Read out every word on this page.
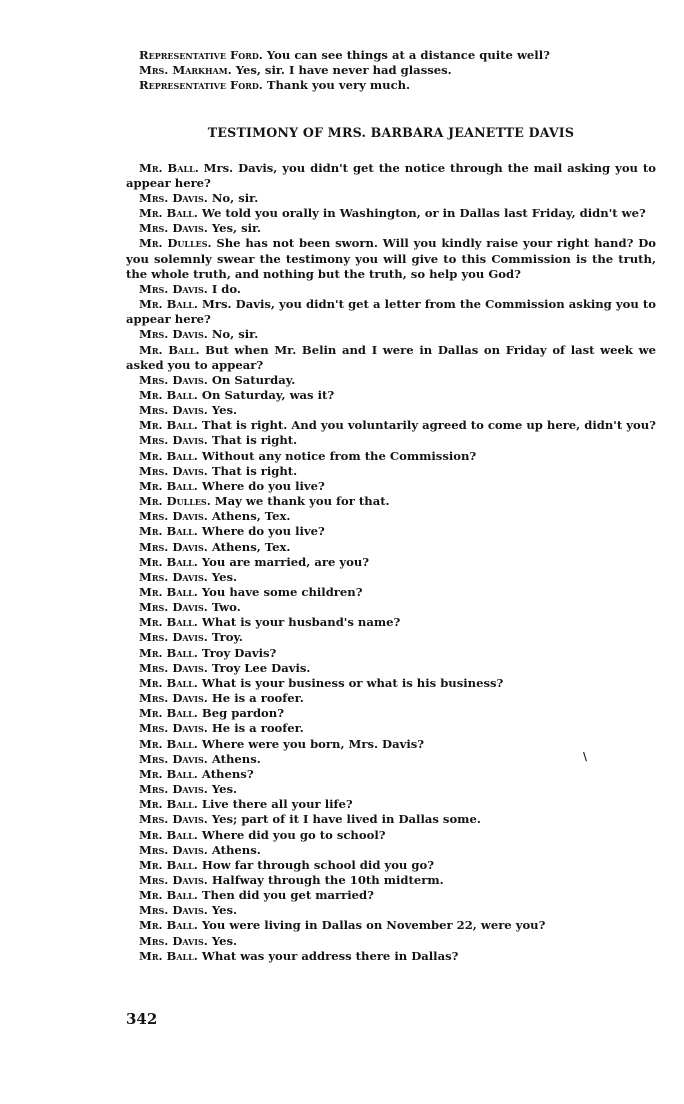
Representative Ford. You can see things at a distance quite well?

Mrs. Markham. Yes, sir. I have never had glasses.

Representative Ford. Thank you very much.

TESTIMONY OF MRS. BARBARA JEANETTE DAVIS

Mr. Ball. Mrs. Davis, you didn't get the notice through the mail asking you to appear here?

Mrs. Davis. No, sir.

Mr. Ball. We told you orally in Washington, or in Dallas last Friday, didn't we?

Mrs. Davis. Yes, sir.

Mr. Dulles. She has not been sworn. Will you kindly raise your right hand? Do you solemnly swear the testimony you will give to this Commission is the truth, the whole truth, and nothing but the truth, so help you God?

Mrs. Davis. I do.

Mr. Ball. Mrs. Davis, you didn't get a letter from the Commission asking you to appear here?

Mrs. Davis. No, sir.

Mr. Ball. But when Mr. Belin and I were in Dallas on Friday of last week we asked you to appear?

Mrs. Davis. On Saturday.

Mr. Ball. On Saturday, was it?

Mrs. Davis. Yes.

Mr. Ball. That is right. And you voluntarily agreed to come up here, didn't you?

Mrs. Davis. That is right.

Mr. Ball. Without any notice from the Commission?

Mrs. Davis. That is right.

Mr. Ball. Where do you live?

Mr. Dulles. May we thank you for that.

Mrs. Davis. Athens, Tex.

Mr. Ball. Where do you live?

Mrs. Davis. Athens, Tex.

Mr. Ball. You are married, are you?

Mrs. Davis. Yes.

Mr. Ball. You have some children?

Mrs. Davis. Two.

Mr. Ball. What is your husband's name?

Mrs. Davis. Troy.

Mr. Ball. Troy Davis?

Mrs. Davis. Troy Lee Davis.

Mr. Ball. What is your business or what is his business?

Mrs. Davis. He is a roofer.

Mr. Ball. Beg pardon?

Mrs. Davis. He is a roofer.

Mr. Ball. Where were you born, Mrs. Davis?

Mrs. Davis. Athens.

Mr. Ball. Athens?

Mrs. Davis. Yes.

Mr. Ball. Live there all your life?

Mrs. Davis. Yes; part of it I have lived in Dallas some.

Mr. Ball. Where did you go to school?

Mrs. Davis. Athens.

Mr. Ball. How far through school did you go?

Mrs. Davis. Halfway through the 10th midterm.

Mr. Ball. Then did you get married?

Mrs. Davis. Yes.

Mr. Ball. You were living in Dallas on November 22, were you?

Mrs. Davis. Yes.

Mr. Ball. What was your address there in Dallas?

\
342
